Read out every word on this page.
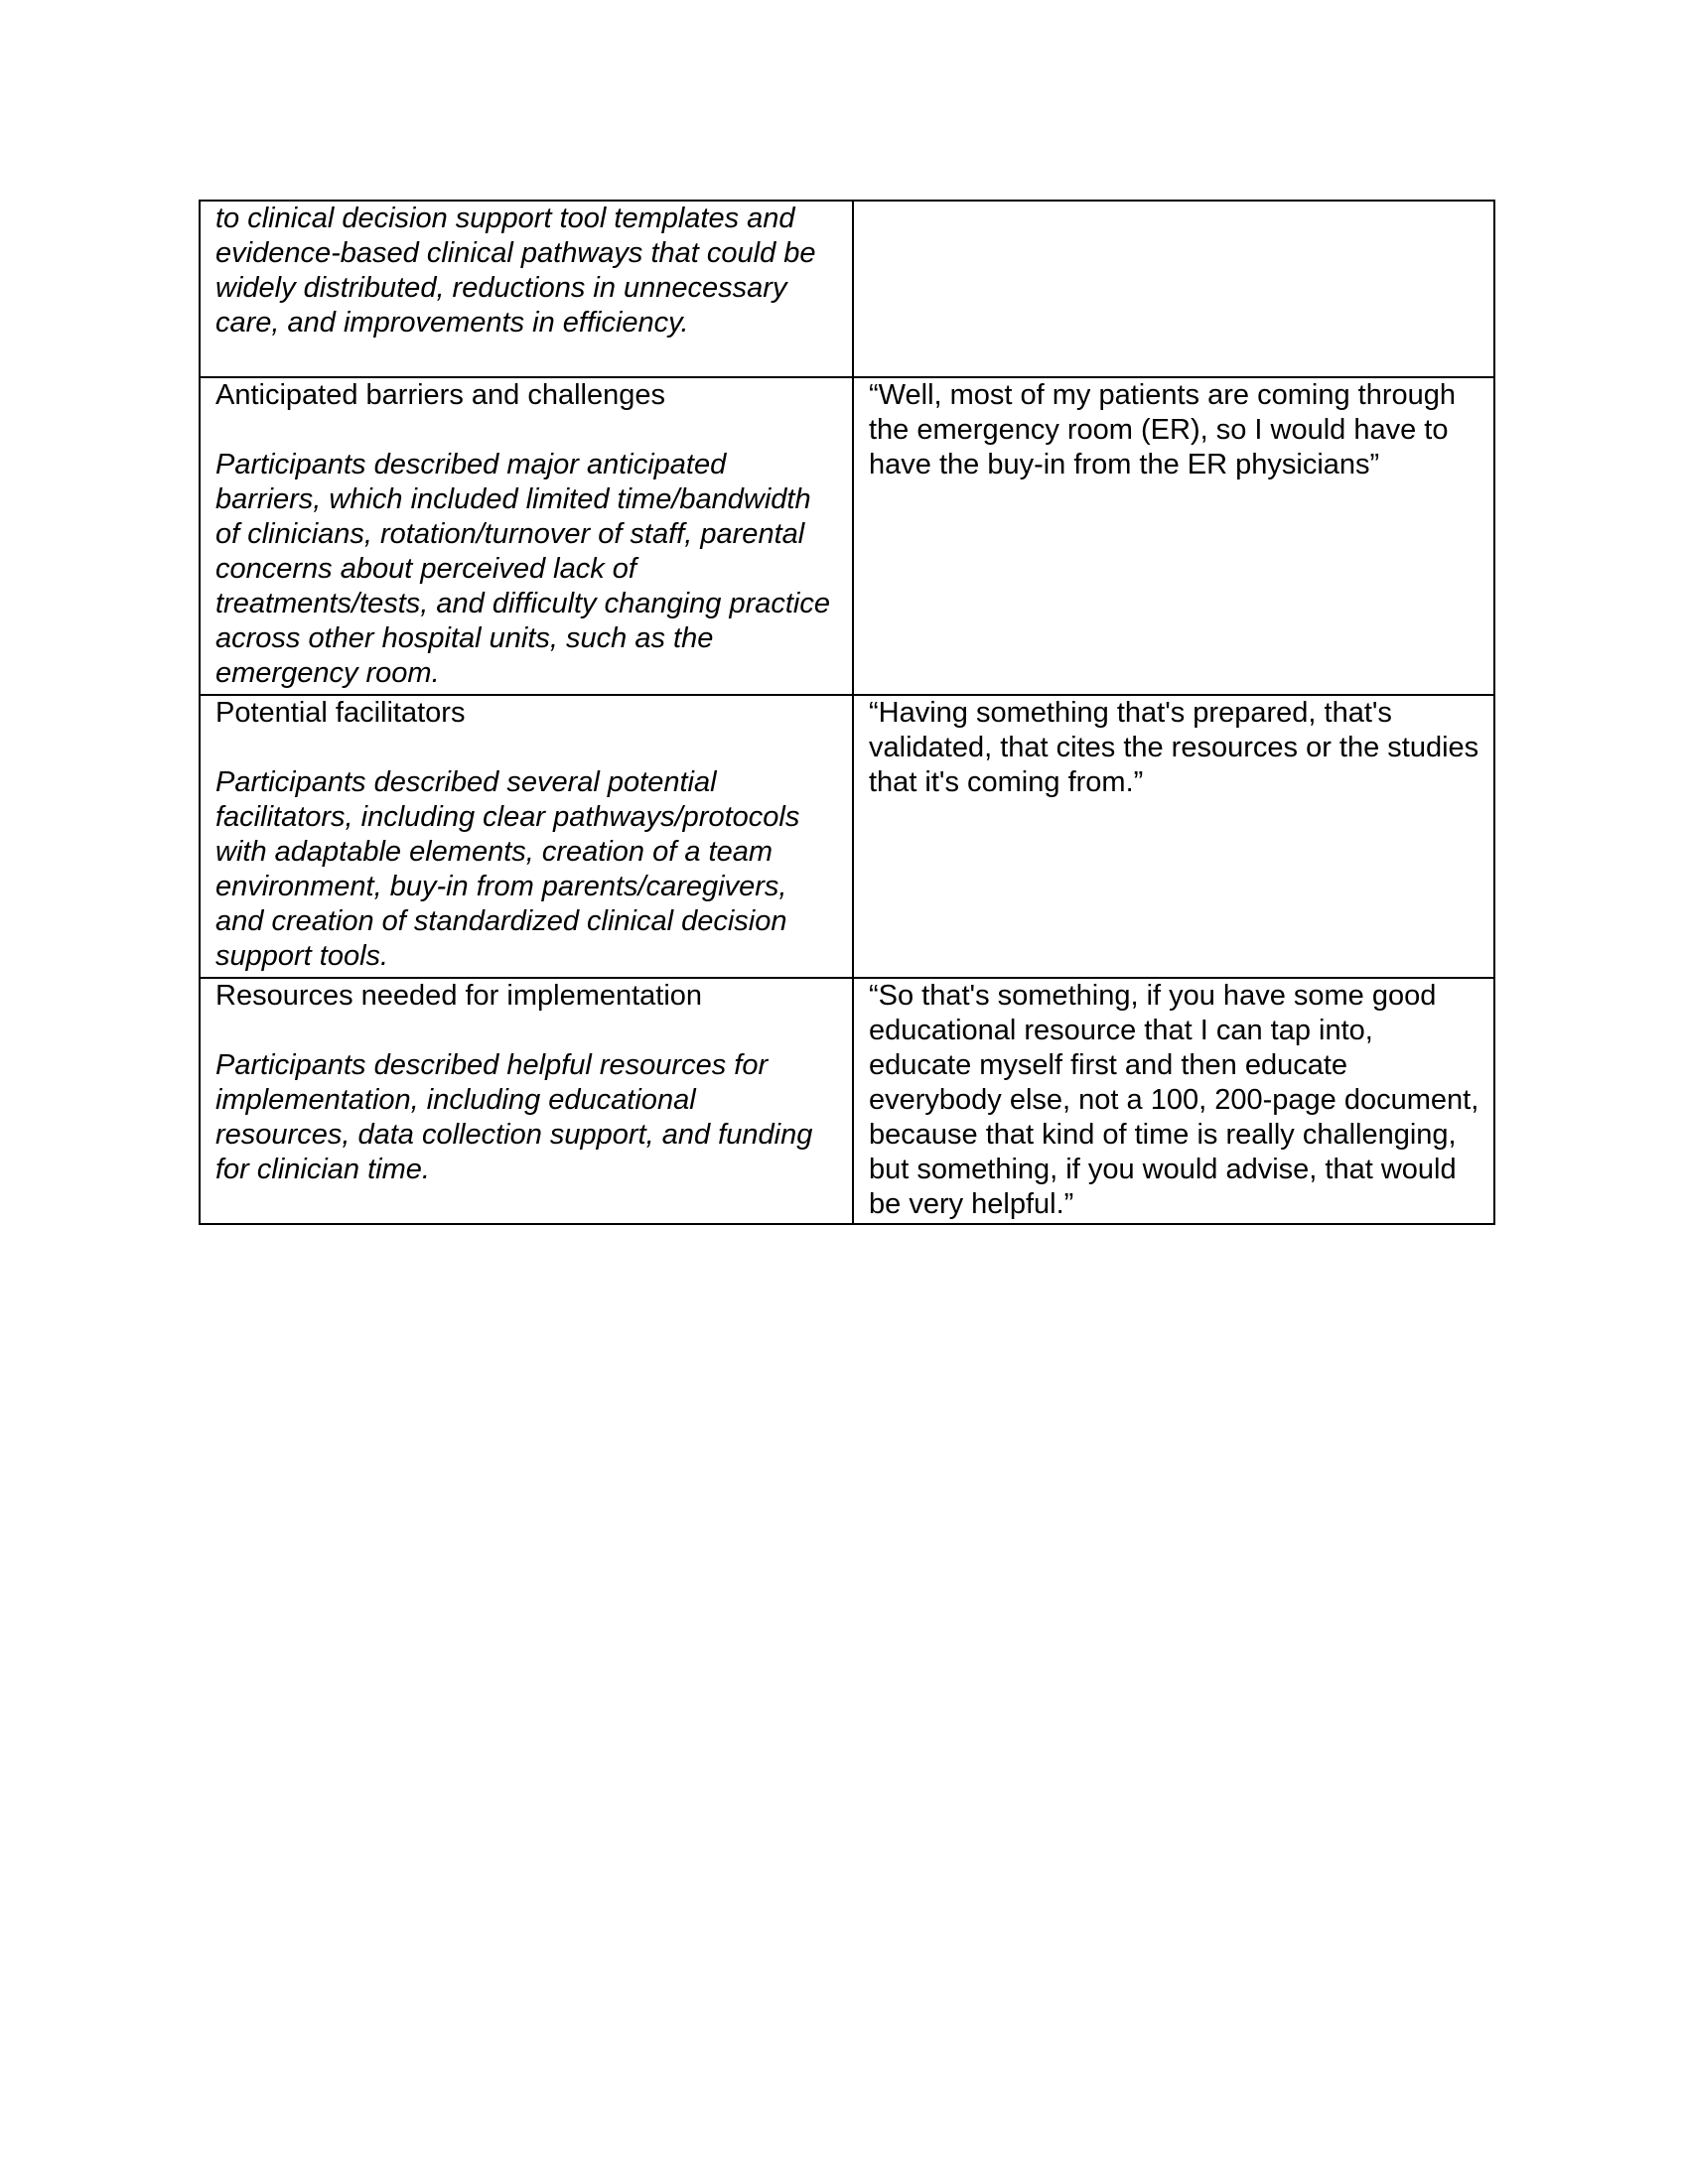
to clinical decision support tool templates and evidence-based clinical pathways that could be widely distributed, reductions in unnecessary care, and improvements in efficiency.	

Anticipated barriers and challenges
Participants described major anticipated barriers, which included limited time/bandwidth of clinicians, rotation/turnover of staff, parental concerns about perceived lack of treatments/tests, and difficulty changing practice across other hospital units, such as the emergency room.	“Well, most of my patients are coming through the emergency room (ER), so I would have to have the buy-in from the ER physicians”

Potential facilitators
Participants described several potential facilitators, including clear pathways/protocols with adaptable elements, creation of a team environment, buy-in from parents/caregivers, and creation of standardized clinical decision support tools.	“Having something that's prepared, that's validated, that cites the resources or the studies that it's coming from.”

Resources needed for implementation
Participants described helpful resources for implementation, including educational resources, data collection support, and funding for clinician time.	“So that's something, if you have some good educational resource that I can tap into, educate myself first and then educate everybody else, not a 100, 200-page document, because that kind of time is really challenging, but something, if you would advise, that would be very helpful.”
